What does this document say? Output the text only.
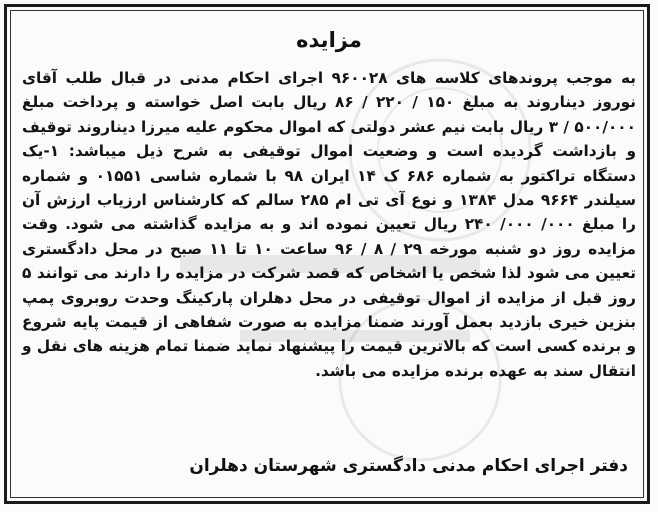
مزایده
به موجب پروندهای کلاسه های ۹۶۰۰۲۸ اجرای احکام مدنی در قبال طلب آقای نوروز دیناروند به مبلغ ۱۵۰ / ۲۲۰ / ۸۶ ریال بابت اصل خواسته و پرداخت مبلغ ۵۰۰/۰۰۰ / ۳ ریال بابت نیم عشر دولتی که اموال محکوم علیه میرزا دیناروند توقیف و بازداشت گردیده است و وضعیت اموال توقیفی به شرح ذیل میباشد: ۱-یک دستگاه تراکتور به شماره ۶۸۶ ک ۱۴ ایران ۹۸ با شماره شاسی ۰۱۵۵۱ و شماره سیلندر ۹۶۶۴ مدل ۱۳۸۴ و نوع آی تی ام ۲۸۵ سالم که کارشناس ارزیاب ارزش آن را مبلغ ۰۰۰/ ۰۰۰/ ۲۴۰ ریال تعیین نموده اند و به مزایده گذاشته می شود. وقت مزایده روز دو شنبه مورخه ۲۹ / ۸ / ۹۶ ساعت ۱۰ تا ۱۱ صبح در محل دادگستری تعیین می شود لذا شخص یا اشخاص که قصد شرکت در مزایده را دارند می توانند ۵ روز قبل از مزایده از اموال توقیفی در محل دهلران پارکینگ وحدت روبروی پمپ بنزین خیری بازدید بعمل آورند ضمنا مزایده به صورت شفاهی از قیمت پایه شروع و برنده کسی است که بالاترین قیمت را پیشنهاد نماید ضمنا تمام هزینه های نقل و انتقال سند به عهده برنده مزایده می باشد.
دفتر اجرای احکام مدنی دادگستری شهرستان دهلران
